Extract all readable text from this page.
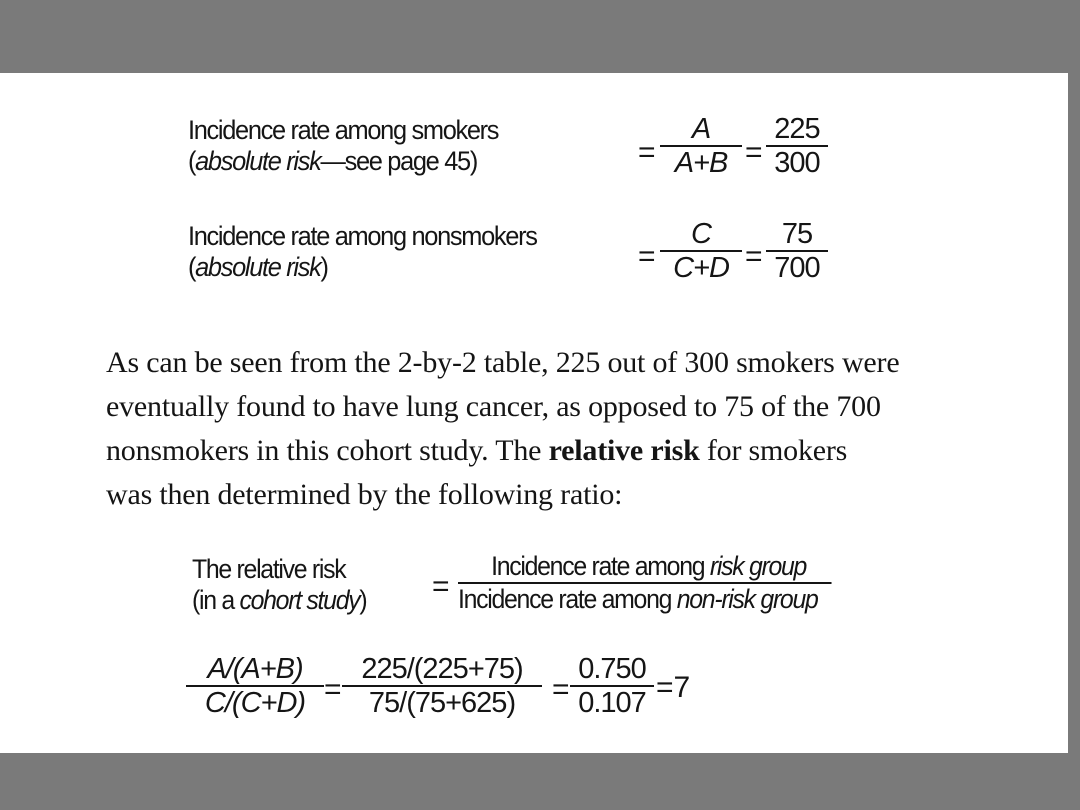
Incidence rate among smokers
(absolute risk—see page 45)	= $\frac{A}{A+B} = \frac{225}{300}$
Incidence rate among nonsmokers
(absolute risk)	= $\frac{C}{C+D} = \frac{75}{700}$
As can be seen from the 2-by-2 table, 225 out of 300 smokers were
eventually found to have lung cancer, as opposed to 75 of the 700
nonsmokers in this cohort study. The relative risk for smokers
was then determined by the following ratio:
The relative risk
(in a cohort study) =
Incidence rate among risk group
Incidence rate among non-risk group
$\frac{A/(A+B)}{C/(C+D)} = \frac{225/(225+75)}{75/(75+625)} = \frac{0.750}{0.107} =7$
